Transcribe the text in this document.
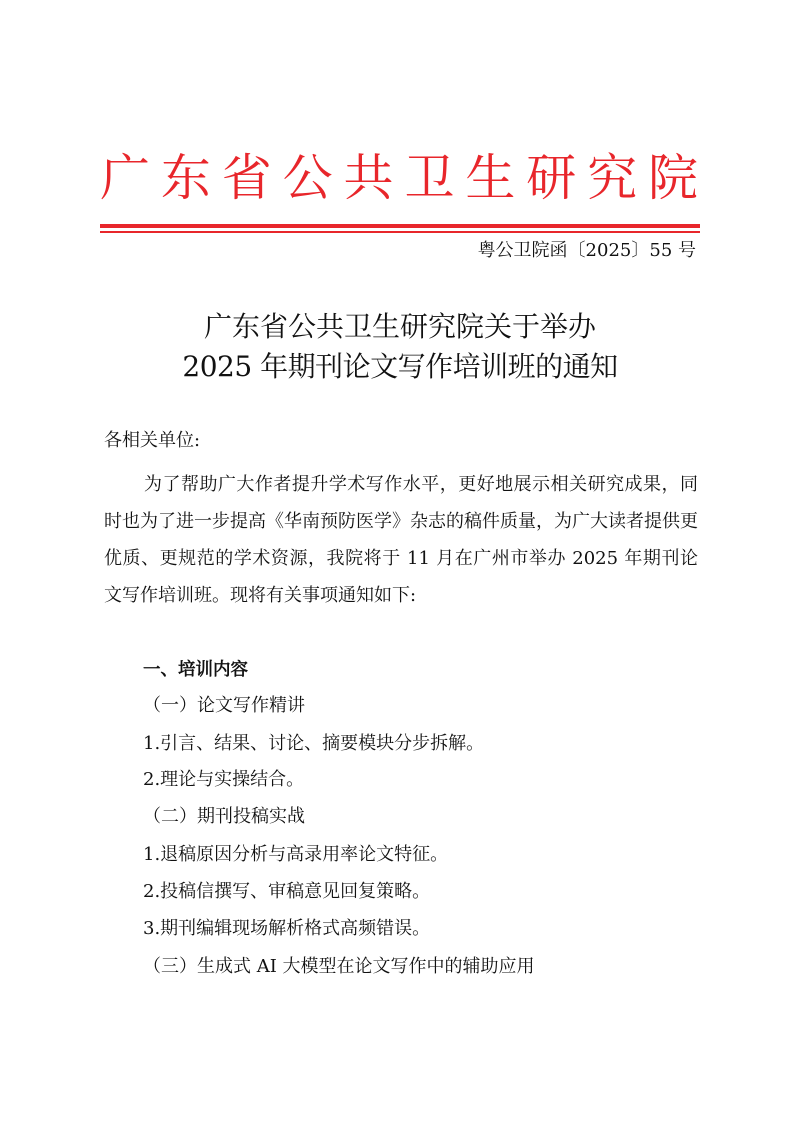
广东省公共卫生研究院
粤公卫院函〔2025〕55 号
广东省公共卫生研究院关于举办
2025 年期刊论文写作培训班的通知
各相关单位:
为了帮助广大作者提升学术写作水平，更好地展示相关研究成果，同时也为了进一步提高《华南预防医学》杂志的稿件质量，为广大读者提供更优质、更规范的学术资源，我院将于 11 月在广州市举办 2025 年期刊论文写作培训班。现将有关事项通知如下:
一、培训内容
（一）论文写作精讲
1.引言、结果、讨论、摘要模块分步拆解。
2.理论与实操结合。
（二）期刊投稿实战
1.退稿原因分析与高录用率论文特征。
2.投稿信撰写、审稿意见回复策略。
3.期刊编辑现场解析格式高频错误。
（三）生成式 AI 大模型在论文写作中的辅助应用
